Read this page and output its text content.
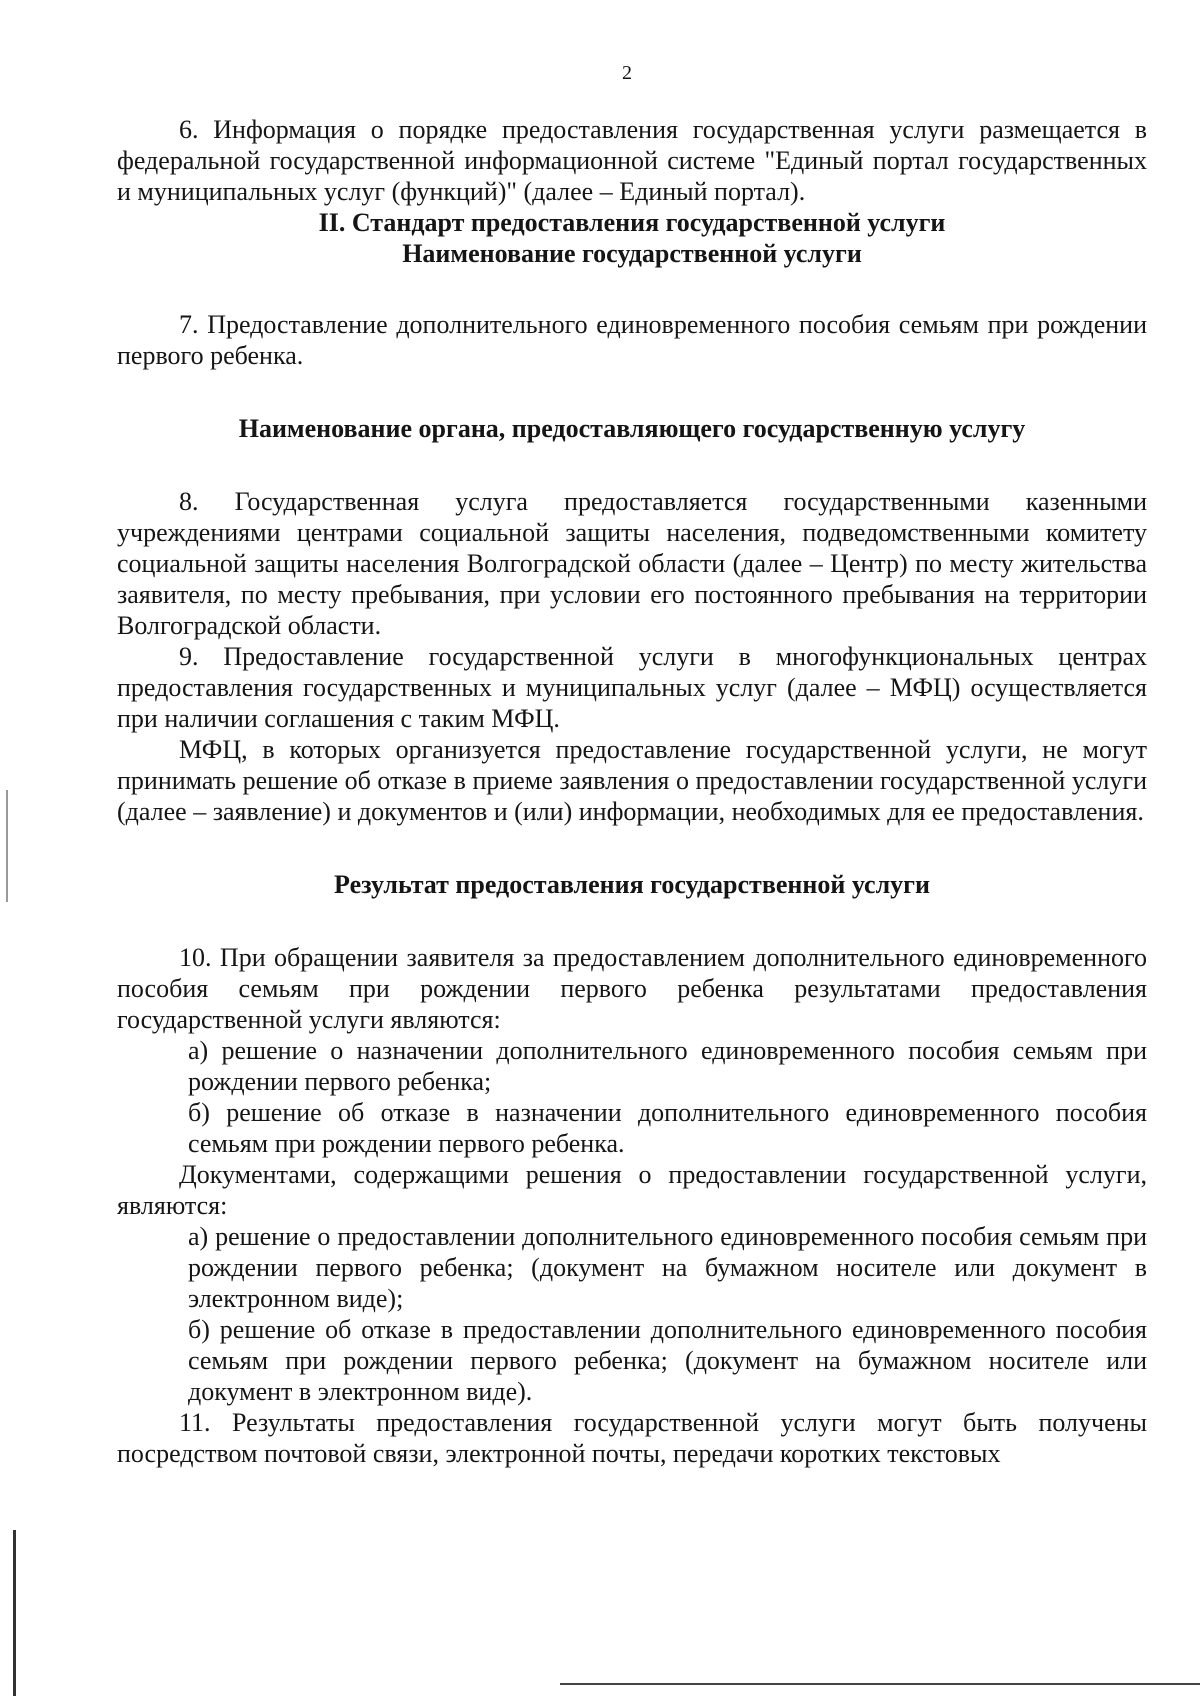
2

6. Информация о порядке предоставления государственная услуги размещается в федеральной государственной информационной системе "Единый портал государственных и муниципальных услуг (функций)" (далее – Единый портал).

II. Стандарт предоставления государственной услуги

Наименование государственной услуги

7. Предоставление дополнительного единовременного пособия семьям при рождении первого ребенка.

Наименование органа, предоставляющего государственную услугу

8. Государственная услуга предоставляется государственными казенными учреждениями центрами социальной защиты населения, подведомственными комитету социальной защиты населения Волгоградской области (далее – Центр) по месту жительства заявителя, по месту пребывания, при условии его постоянного пребывания на территории Волгоградской области.

9. Предоставление государственной услуги в многофункциональных центрах предоставления государственных и муниципальных услуг (далее – МФЦ) осуществляется при наличии соглашения с таким МФЦ.

МФЦ, в которых организуется предоставление государственной услуги, не могут принимать решение об отказе в приеме заявления о предоставлении государственной услуги (далее – заявление) и документов и (или) информации, необходимых для ее предоставления.

Результат предоставления государственной услуги

10. При обращении заявителя за предоставлением дополнительного единовременного пособия семьям при рождении первого ребенка результатами предоставления государственной услуги являются:

а) решение о назначении дополнительного единовременного пособия семьям при рождении первого ребенка;

б) решение об отказе в назначении дополнительного единовременного пособия семьям при рождении первого ребенка.

Документами, содержащими решения о предоставлении государственной услуги, являются:

а) решение о предоставлении дополнительного единовременного пособия семьям при рождении первого ребенка; (документ на бумажном носителе или документ в электронном виде);

б) решение об отказе в предоставлении дополнительного единовременного пособия семьям при рождении первого ребенка; (документ на бумажном носителе или документ в электронном виде).

11. Результаты предоставления государственной услуги могут быть получены посредством почтовой связи, электронной почты, передачи коротких текстовых
